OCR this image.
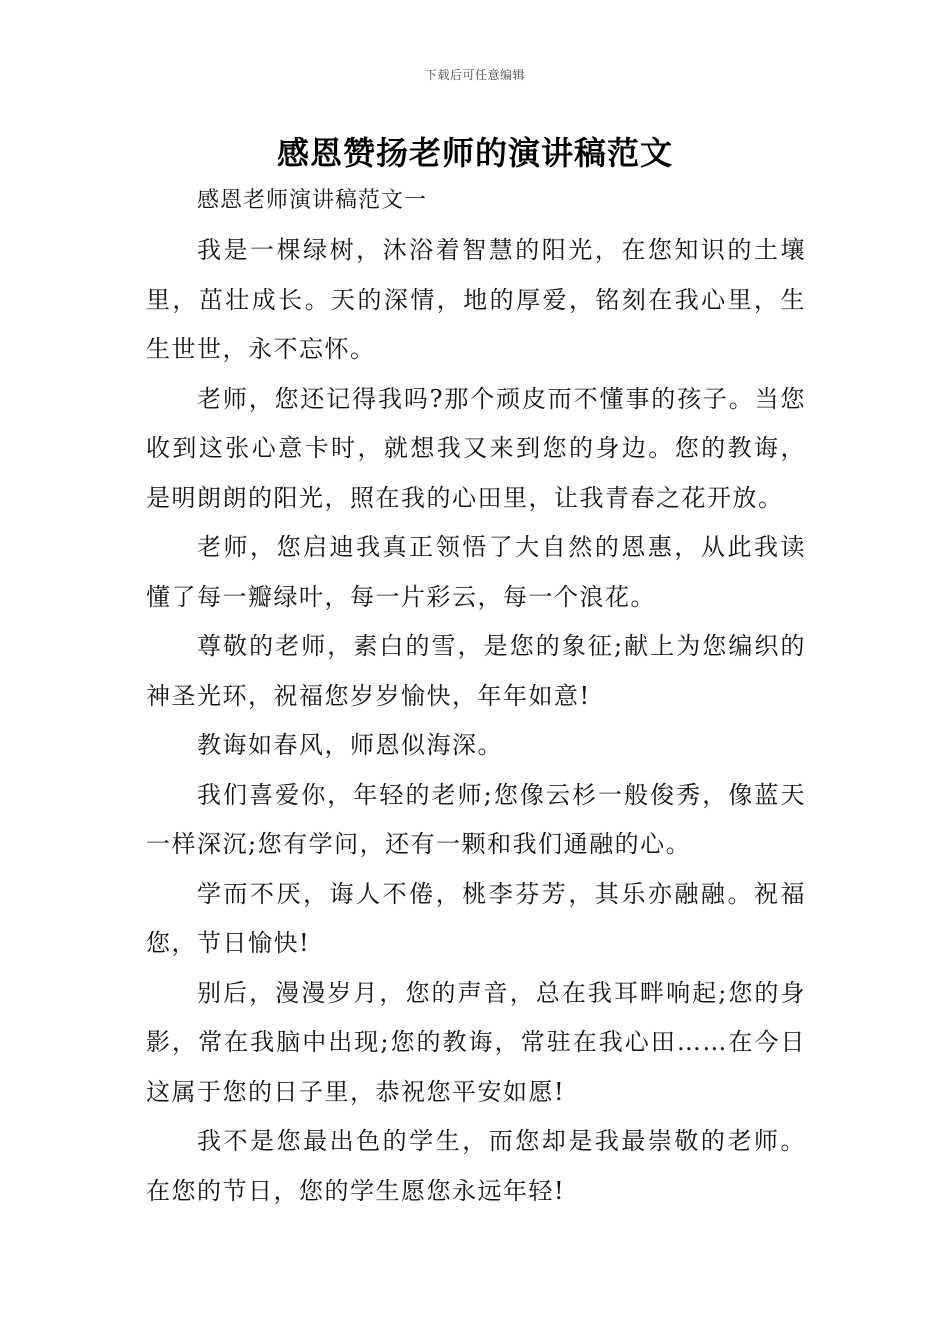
下载后可任意编辑
感恩赞扬老师的演讲稿范文

感恩老师演讲稿范文一

我是一棵绿树，沐浴着智慧的阳光，在您知识的土壤里，茁壮成长。天的深情，地的厚爱，铭刻在我心里，生生世世，永不忘怀。

老师，您还记得我吗?那个顽皮而不懂事的孩子。当您收到这张心意卡时，就想我又来到您的身边。您的教诲，是明朗朗的阳光，照在我的心田里，让我青春之花开放。

老师，您启迪我真正领悟了大自然的恩惠，从此我读懂了每一瓣绿叶，每一片彩云，每一个浪花。

尊敬的老师，素白的雪，是您的象征;献上为您编织的神圣光环，祝福您岁岁愉快，年年如意!

教诲如春风，师恩似海深。

我们喜爱你，年轻的老师;您像云杉一般俊秀，像蓝天一样深沉;您有学问，还有一颗和我们通融的心。

学而不厌，诲人不倦，桃李芬芳，其乐亦融融。祝福您，节日愉快!

别后，漫漫岁月，您的声音，总在我耳畔响起;您的身影，常在我脑中出现;您的教诲，常驻在我心田……在今日这属于您的日子里，恭祝您平安如愿!

我不是您最出色的学生，而您却是我最崇敬的老师。在您的节日，您的学生愿您永远年轻!
